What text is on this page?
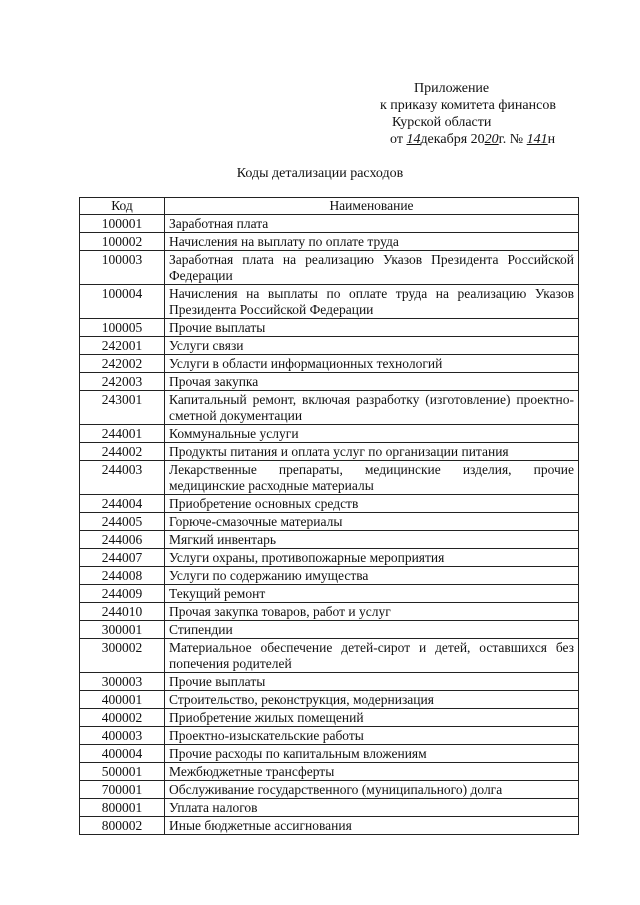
Приложение
к приказу комитета финансов
Курской области
от 14декабря 2020г. № 141н
Коды детализации расходов
Код	Наименование
100001	Заработная плата
100002	Начисления на выплату по оплате труда
100003	Заработная плата на реализацию Указов Президента Российской Федерации
100004	Начисления на выплаты по оплате труда на реализацию Указов Президента Российской Федерации
100005	Прочие выплаты
242001	Услуги связи
242002	Услуги в области информационных технологий
242003	Прочая закупка
243001	Капитальный ремонт, включая разработку (изготовление) проектно-сметной документации
244001	Коммунальные услуги
244002	Продукты питания и оплата услуг по организации питания
244003	Лекарственные препараты, медицинские изделия, прочие медицинские расходные материалы
244004	Приобретение основных средств
244005	Горюче-смазочные материалы
244006	Мягкий инвентарь
244007	Услуги охраны, противопожарные мероприятия
244008	Услуги по содержанию имущества
244009	Текущий ремонт
244010	Прочая закупка товаров, работ и услуг
300001	Стипендии
300002	Материальное обеспечение детей-сирот и детей, оставшихся без попечения родителей
300003	Прочие выплаты
400001	Строительство, реконструкция, модернизация
400002	Приобретение жилых помещений
400003	Проектно-изыскательские работы
400004	Прочие расходы по капитальным вложениям
500001	Межбюджетные трансферты
700001	Обслуживание государственного (муниципального) долга
800001	Уплата налогов
800002	Иные бюджетные ассигнования
